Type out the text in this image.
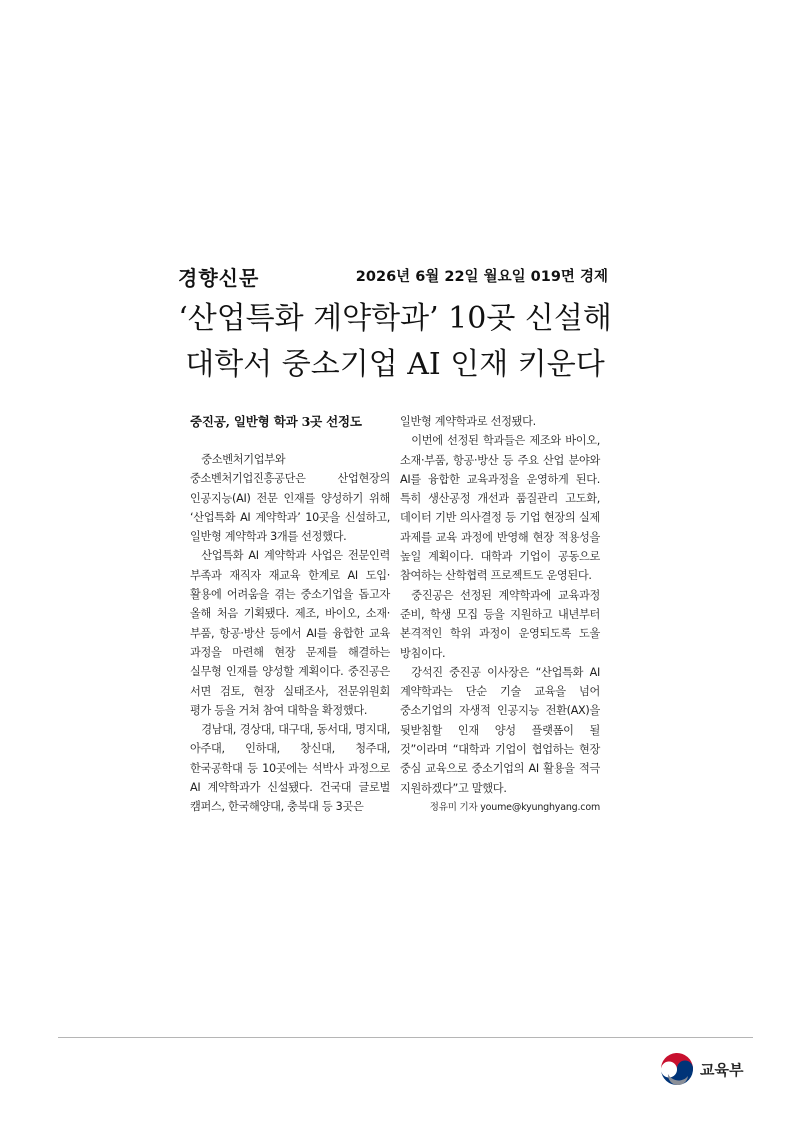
경향신문	2026년 6월 22일 월요일 019면 경제
‘산업특화 계약학과’ 10곳 신설해
대학서 중소기업 AI 인재 키운다
중진공, 일반형 학과 3곳 선정도

중소벤처기업부와 중소벤처기업진흥공단은 산업현장의 인공지능(AI) 전문 인재를 양성하기 위해 ‘산업특화 AI 계약학과’ 10곳을 신설하고, 일반형 계약학과 3개를 선정했다.

산업특화 AI 계약학과 사업은 전문인력 부족과 재직자 재교육 한계로 AI 도입·활용에 어려움을 겪는 중소기업을 돕고자 올해 처음 기획됐다. 제조, 바이오, 소재·부품, 항공·방산 등에서 AI를 융합한 교육 과정을 마련해 현장 문제를 해결하는 실무형 인재를 양성할 계획이다. 중진공은 서면 검토, 현장 실태조사, 전문위원회 평가 등을 거쳐 참여 대학을 확정했다.

경남대, 경상대, 대구대, 동서대, 명지대, 아주대, 인하대, 창신대, 청주대, 한국공학대 등 10곳에는 석박사 과정으로 AI 계약학과가 신설됐다. 건국대 글로벌 캠퍼스, 한국해양대, 충북대 등 3곳은

일반형 계약학과로 선정됐다.

이번에 선정된 학과들은 제조와 바이오, 소재·부품, 항공·방산 등 주요 산업 분야와 AI를 융합한 교육과정을 운영하게 된다. 특히 생산공정 개선과 품질관리 고도화, 데이터 기반 의사결정 등 기업 현장의 실제 과제를 교육 과정에 반영해 현장 적용성을 높일 계획이다. 대학과 기업이 공동으로 참여하는 산학협력 프로젝트도 운영된다.

중진공은 선정된 계약학과에 교육과정 준비, 학생 모집 등을 지원하고 내년부터 본격적인 학위 과정이 운영되도록 도울 방침이다.

강석진 중진공 이사장은 “산업특화 AI 계약학과는 단순 기술 교육을 넘어 중소기업의 자생적 인공지능 전환(AX)을 뒷받침할 인재 양성 플랫폼이 될 것”이라며 “대학과 기업이 협업하는 현장 중심 교육으로 중소기업의 AI 활용을 적극 지원하겠다”고 말했다.

정유미 기자 youme@kyunghyang.com
교육부
